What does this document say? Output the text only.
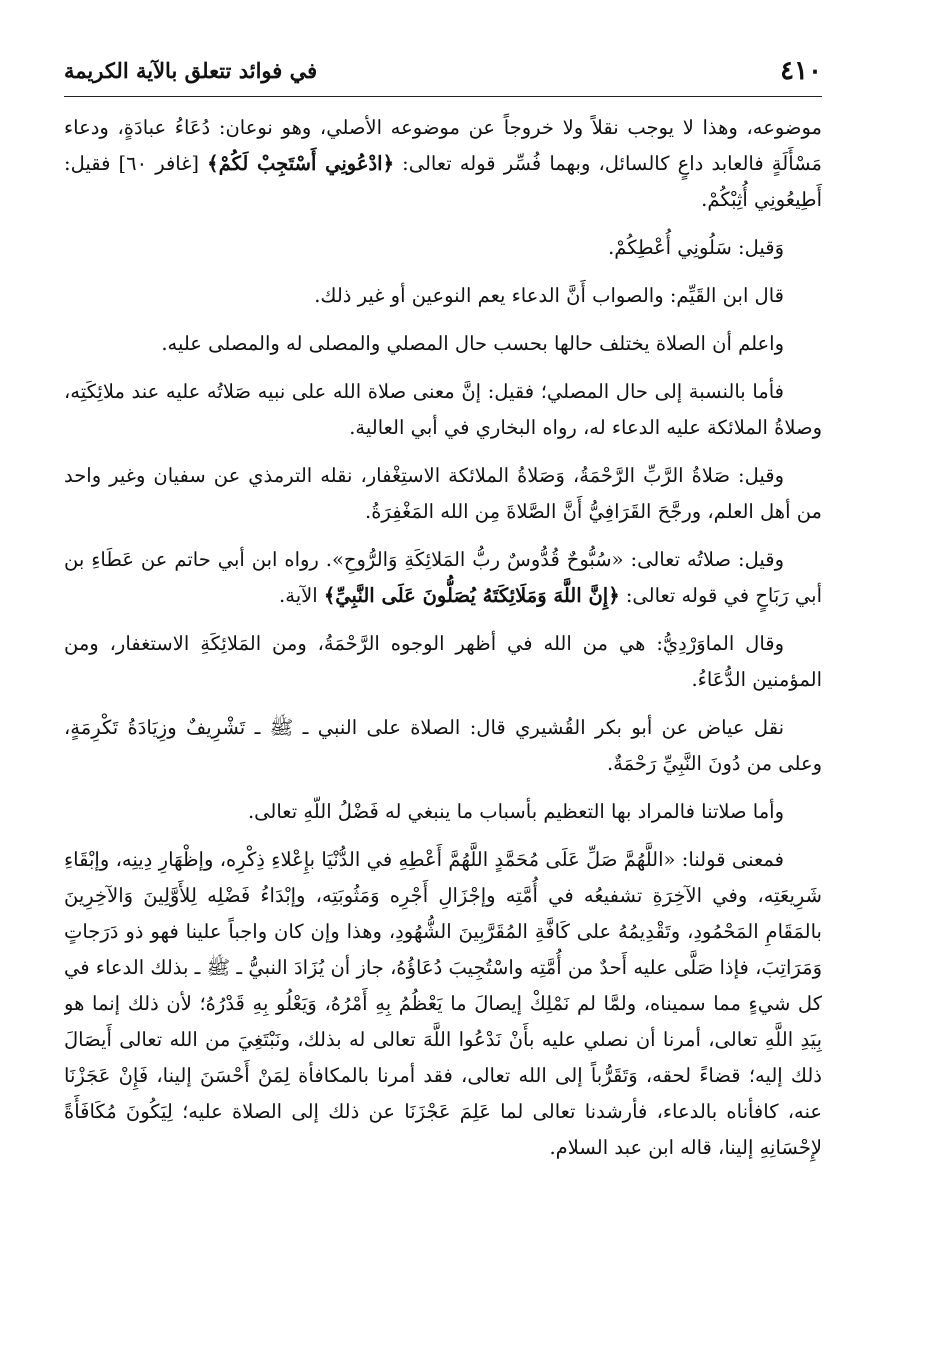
٤١٠
في فوائد تتعلق بالآية الكريمة

موضوعه، وهذا لا يوجب نقلاً ولا خروجاً عن موضوعه الأصلي، وهو نوعان: دُعَاءُ عبادَةٍ، ودعاء مَسْأَلَةٍ فالعابد داعٍ كالسائل، وبهما فُسِّر قوله تعالى: ﴿ادْعُونِي أَسْتَجِبْ لَكُمْ﴾ [غافر ٦٠] فقيل: أَطِيعُونِي أُثِبْكُمْ.

وَقيل: سَلُونِي أُعْطِكُمْ.

قال ابن القَيِّم: والصواب أَنَّ الدعاء يعم النوعين أو غير ذلك.

واعلم أن الصلاة يختلف حالها بحسب حال المصلي والمصلى له والمصلى عليه.

فأما بالنسبة إلى حال المصلي؛ فقيل: إنَّ معنى صلاة الله على نبيه صَلاتُه عليه عند ملائِكَتِه، وصلاةُ الملائكة عليه الدعاء له، رواه البخاري في أبي العالية.

وقيل: صَلاةُ الرَّبِّ الرَّحْمَةُ، وَصَلاةُ الملائكة الاستِغْفار، نقله الترمذي عن سفيان وغير واحد من أهل العلم، ورجَّحَ القَرَافِيُّ أَنَّ الصَّلاةَ مِن الله المَغْفِرَةُ.

وقيل: صلاتُه تعالى: «سُبُّوحٌ قُدُّوسٌ ربُّ المَلائِكَةِ وَالرُّوحِ». رواه ابن أبي حاتم عن عَطَاءِ بن أبي رَبَاحٍ في قوله تعالى: ﴿إِنَّ اللَّهَ وَمَلَائِكَتَهُ يُصَلُّونَ عَلَى النَّبِيِّ﴾ الآية.

وقال الماوَرْدِيُّ: هي من الله في أظهر الوجوه الرَّحْمَةُ، ومن المَلائِكَةِ الاستغفار، ومن المؤمنين الدُّعَاءُ.

نقل عياض عن أبو بكر القُشيري قال: الصلاة على النبي ـ ﷺ ـ تَشْرِيفٌ وزِيَادَةُ تَكْرِمَةٍ، وعلى من دُونَ النَّبِيِّ رَحْمَةٌ.

وأما صلاتنا فالمراد بها التعظيم بأسباب ما ينبغي له فَضْلُ اللّهِ تعالى.

فمعنى قولنا: «اللَّهُمَّ صَلِّ عَلَى مُحَمَّدٍ اللَّهُمَّ أَعْطِهِ في الدُّنْيَا بإِعْلاءِ ذِكْرِه، وإظْهَارِ دِينِه، وإبْقَاءِ شَرِيعَتِه، وفي الآخِرَةِ تشفيعُه في أُمَّتِه وإجْزَالِ أَجْرِه وَمَثُوبَتِه، وإبْدَاءُ فَضْلِه لِلأَوَّلِينَ وَالآخِرِينَ بالمَقَامِ المَحْمُودِ، وتَقْدِيمُهُ على كَافَّةِ المُقَرَّبِينَ الشُّهُودِ، وهذا وإن كان واجباً علينا فهو ذو دَرَجاتٍ وَمَرَاتِبَ، فإذا صَلَّى عليه أَحدٌ من أُمَّتِه واسْتُجِيبَ دُعَاؤُهُ، جاز أن يُزَادَ النبيُّ ـ ﷺ ـ بذلك الدعاء في كل شيءٍ مما سميناه، ولمَّا لم نَمْلِكْ إيصالَ ما يَعْظُمُ بِهِ أَمْرُهُ، وَيَعْلُو بِهِ قَدْرُهُ؛ لأن ذلك إنما هو بِيَدِ اللَّهِ تعالى، أمرنا أن نصلي عليه بأَنْ نَدْعُوا اللَّهَ تعالى له بذلك، ونَبْتَغِيَ من الله تعالى أَيصَالَ ذلك إليه؛ قضاءً لحقه، وَتَقَرُّباً إلى الله تعالى، فقد أمرنا بالمكافأة لِمَنْ أَحْسَنَ إلينا، فَإِنْ عَجَزْنَا عنه، كافأناه بالدعاء، فأرشدنا تعالى لما عَلِمَ عَجْزَنَا عن ذلك إلى الصلاة عليه؛ لِيَكُونَ مُكَافَأَةً لإِحْسَانِهِ إلينا، قاله ابن عبد السلام.
